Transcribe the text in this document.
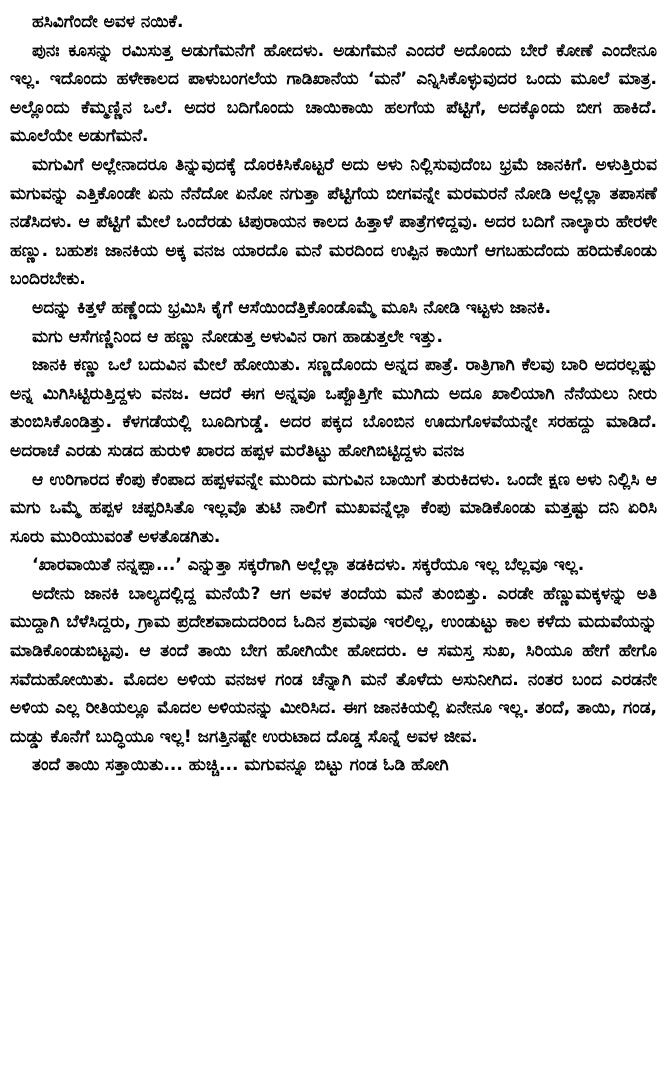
ಹಸಿವಿಗೆಂದೇ ಅವಳ ನಯಿಕೆ.

ಪುನಃ ಕೂಸನ್ನು ರಮಿಸುತ್ತ ಅಡುಗೆಮನೆಗೆ ಹೋದಳು. ಅಡುಗೆಮನೆ ಎಂದರೆ ಅದೊಂದು ಬೇರೆ ಕೋಣೆ ಎಂದೇನೂ ಇಲ್ಲ. ಇದೊಂದು ಹಳೇಕಾಲದ ಪಾಳುಬಂಗಲೆಯ ಗಾಡಿಖಾನೆಯ ‘ಮನೆ’ ಎನ್ನಿಸಿಕೊಳ್ಳುವುದರ ಒಂದು ಮೂಲೆ ಮಾತ್ರ. ಅಲ್ಲೊಂದು ಕೆಮ್ಮಣ್ಣಿನ ಒಲೆ. ಅದರ ಬದಿಗೊಂದು ಚಾಯಿಕಾಯಿ ಹಲಗೆಯ ಪೆಟ್ಟಿಗೆ, ಅದಕ್ಕೊಂದು ಬೀಗ ಹಾಕಿದೆ. ಮೂಲೆಯೇ ಅಡುಗೆಮನೆ.

ಮಗುವಿಗೆ ಅಲ್ಲೇನಾದರೂ ತಿನ್ನುವುದಕ್ಕೆ ದೊರಕಿಸಿಕೊಟ್ಟರೆ ಅದು ಅಳು ನಿಲ್ಲಿಸುವುದೆಂಬ ಭ್ರಮೆ ಜಾನಕಿಗೆ. ಅಳುತ್ತಿರುವ ಮಗುವನ್ನು ಎತ್ತಿಕೊಂಡೇ ಏನು ನೆನೆದೋ ಏನೋ ನಗುತ್ತಾ ಪೆಟ್ಟಿಗೆಯ ಬೀಗವನ್ನೇ ಮರಮರನೆ ನೋಡಿ ಅಲ್ಲೆಲ್ಲಾ ತಪಾಸಣೆ ನಡೆಸಿದಳು. ಆ ಪೆಟ್ಟಿಗೆ ಮೇಲೆ ಒಂದೆರಡು ಟಿಪುರಾಯನ ಕಾಲದ ಹಿತ್ತಾಳೆ ಪಾತ್ರೆಗಳಿದ್ದವು. ಅದರ ಬದಿಗೆ ನಾಲ್ಕಾರು ಹೇರಳೇ ಹಣ್ಣು. ಬಹುಶಃ ಜಾನಕಿಯ ಅಕ್ಕ ವನಜ ಯಾರದೊ ಮನೆ ಮರದಿಂದ ಉಪ್ಪಿನ ಕಾಯಿಗೆ ಆಗಬಹುದೆಂದು ಹರಿದುಕೊಂಡು ಬಂದಿರಬೇಕು.

ಅದನ್ನು ಕಿತ್ತಳೆ ಹಣ್ಣೆಂದು ಭ್ರಮಿಸಿ ಕೈಗೆ ಆಸೆಯಿಂದೆತ್ತಿಕೊಂಡೊಮ್ಮೆ ಮೂಸಿ ನೋಡಿ ಇಟ್ಟಳು ಜಾನಕಿ.

ಮಗು ಆಸೆಗಣ್ಣಿನಿಂದ ಆ ಹಣ್ಣು ನೋಡುತ್ತ ಅಳುವಿನ ರಾಗ ಹಾಡುತ್ತಲೇ ಇತ್ತು.

ಜಾನಕಿ ಕಣ್ಣು ಒಲೆ ಬದುವಿನ ಮೇಲೆ ಹೋಯಿತು. ಸಣ್ಣದೊಂದು ಅನ್ನದ ಪಾತ್ರೆ. ರಾತ್ರಿಗಾಗಿ ಕೆಲವು ಬಾರಿ ಅದರಲ್ಲಷ್ಟು ಅನ್ನ ಮಿಗಿಸಿಟ್ಟಿರುತ್ತಿದ್ದಳು ವನಜ. ಆದರೆ ಈಗ ಅನ್ನವೂ ಒಪ್ಪೊತ್ತಿಗೇ ಮುಗಿದು ಅದೂ ಖಾಲಿಯಾಗಿ ನೆನೆಯಲು ನೀರು ತುಂಬಿಸಿಕೊಂಡಿತ್ತು. ಕೆಳಗಡೆಯಲ್ಲಿ ಬೂದಿಗುಡ್ಡೆ. ಅದರ ಪಕ್ಕದ ಬೊಂಬಿನ ಊದುಗೊಳವೆಯನ್ನೇ ಸರಹದ್ದು ಮಾಡಿದೆ. ಅದರಾಚೆ ಎರಡು ಸುಡದ ಹುರುಳಿ ಖಾರದ ಹಪ್ಪಳ ಮರೆತಿಟ್ಟು ಹೋಗಿಬಿಟ್ಟಿದ್ದಳು ವನಜ

ಆ ಉರಿಗಾರದ ಕೆಂಪು ಕೆಂಪಾದ ಹಪ್ಪಳವನ್ನೇ ಮುರಿದು ಮಗುವಿನ ಬಾಯಿಗೆ ತುರುಕಿದಳು. ಒಂದೇ ಕ್ಷಣ ಅಳು ನಿಲ್ಲಿಸಿ ಆ ಮಗು ಒಮ್ಮೆ ಹಪ್ಪಳ ಚಪ್ಪರಿಸಿತೊ ಇಲ್ಲವೊ ತುಟಿ ನಾಲಿಗೆ ಮುಖವನ್ನೆಲ್ಲಾ ಕೆಂಪು ಮಾಡಿಕೊಂಡು ಮತ್ತಷ್ಟು ದನಿ ಏರಿಸಿ ಸೂರು ಮುರಿಯುವಂತೆ ಅಳತೊಡಗಿತು.

‘ಖಾರವಾಯಿತೆ ನನ್ನಪ್ಪಾ...’ ಎನ್ನುತ್ತಾ ಸಕ್ಕರೆಗಾಗಿ ಅಲ್ಲೆಲ್ಲಾ ತಡಕಿದಳು. ಸಕ್ಕರೆಯೂ ಇಲ್ಲ ಬೆಲ್ಲವೂ ಇಲ್ಲ.

ಅದೇನು ಜಾನಕಿ ಬಾಲ್ಯದಲ್ಲಿದ್ದ ಮನೆಯೆ? ಆಗ ಅವಳ ತಂದೆಯ ಮನೆ ತುಂಬಿತ್ತು. ಎರಡೇ ಹೆಣ್ಣುಮಕ್ಕಳನ್ನು ಅತಿ ಮುದ್ದಾಗಿ ಬೆಳೆಸಿದ್ದರು, ಗ್ರಾಮ ಪ್ರದೇಶವಾದುದರಿಂದ ಓದಿನ ಶ್ರಮವೂ ಇರಲಿಲ್ಲ, ಉಂಡುಟ್ಟು ಕಾಲ ಕಳೆದು ಮದುವೆಯನ್ನು ಮಾಡಿಕೊಂಡುಬಿಟ್ಟವು. ಆ ತಂದೆ ತಾಯಿ ಬೇಗ ಹೋಗಿಯೇ ಹೋದರು. ಆ ಸಮಸ್ತ ಸುಖ, ಸಿರಿಯೂ ಹೇಗೆ ಹೇಗೊ ಸವೆದುಹೋಯಿತು. ಮೊದಲ ಅಳಿಯ ವನಜಳ ಗಂಡ ಚೆನ್ನಾಗಿ ಮನೆ ತೊಳೆದು ಅಸುನೀಗಿದ. ನಂತರ ಬಂದ ಎರಡನೇ ಅಳಿಯ ಎಲ್ಲ ರೀತಿಯಲ್ಲೂ ಮೊದಲ ಅಳಿಯನನ್ನು ಮೀರಿಸಿದ. ಈಗ ಜಾನಕಿಯಲ್ಲಿ ಏನೇನೂ ಇಲ್ಲ. ತಂದೆ, ತಾಯಿ, ಗಂಡ, ದುಡ್ಡು ಕೊನೆಗೆ ಬುದ್ಧಿಯೂ ಇಲ್ಲ! ಜಗತ್ತಿನಷ್ಟೇ ಉರುಟಾದ ದೊಡ್ಡ ಸೊನ್ನೆ ಅವಳ ಜೀವ.

ತಂದೆ ತಾಯಿ ಸತ್ತಾಯಿತು... ಹುಚ್ಚಿ... ಮಗುವನ್ನೂ ಬಿಟ್ಟು ಗಂಡ ಓಡಿ ಹೋಗಿ
